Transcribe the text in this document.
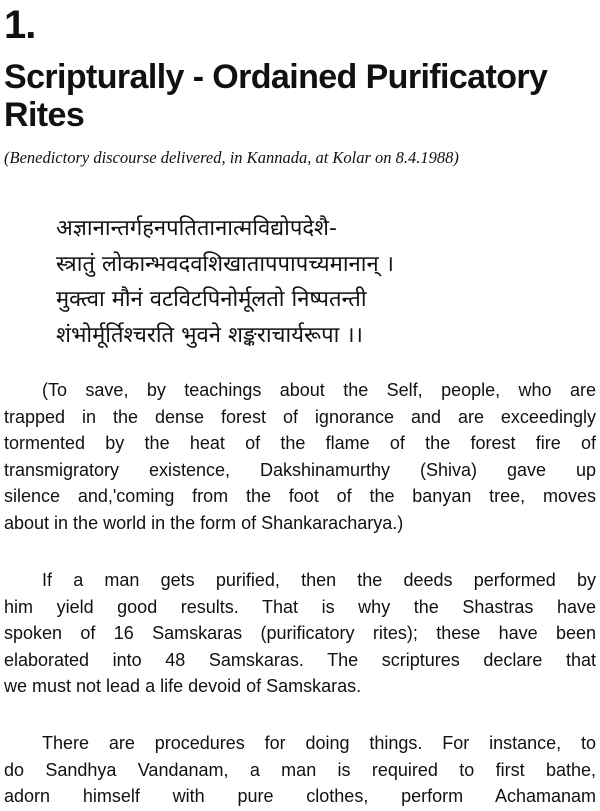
1.
Scripturally - Ordained Purificatory Rites

(Benedictory discourse delivered, in Kannada, at Kolar on 8.4.1988)

अज्ञानान्तर्गहनपतितानात्मविद्योपदेशै-
स्त्रातुं लोकान्भवदवशिखातापपापच्यमानान् ।
मुक्त्वा मौनं वटविटपिनोर्मूलतो निष्पतन्ती
शंभोर्मूर्तिश्चरति भुवने शङ्कराचार्यरूपा ।।
(To save, by teachings about the Self, people, who are
trapped in the dense forest of ignorance and are exceedingly
tormented by the heat of the flame of the forest fire of
transmigratory existence, Dakshinamurthy (Shiva) gave up
silence and,'coming from the foot of the banyan tree, moves
about in the world in the form of Shankaracharya.)
If a man gets purified, then the deeds performed by
him yield good results. That is why the Shastras have
spoken of 16 Samskaras (purificatory rites); these have been
elaborated into 48 Samskaras. The scriptures declare that
we must not lead a life devoid of Samskaras.
There are procedures for doing things. For instance, to
do Sandhya Vandanam, a man is required to first bathe,
adorn himself with pure clothes, perform Achamanam
